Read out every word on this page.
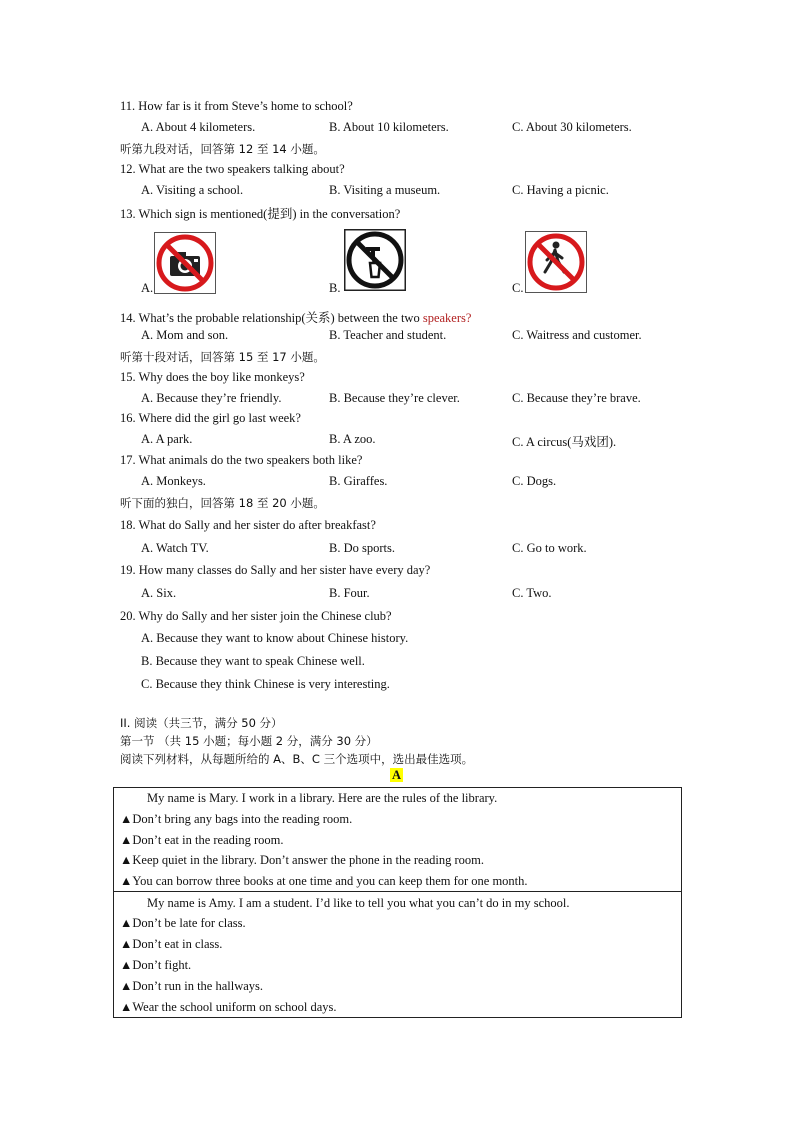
11. How far is it from Steve’s home to school?
A. About 4 kilometers.	B. About 10 kilometers.	C. About 30 kilometers.
听第九段对话，回答第 12 至 14 小题。
12. What are the two speakers talking about?
A. Visiting a school.	B. Visiting a museum.	C. Having a picnic.
13. Which sign is mentioned(提到) in the conversation?
A.	B.	C.
14. What’s the probable relationship(关系) between the two speakers?
A. Mom and son.	B. Teacher and student.	C. Waitress and customer.
听第十段对话，回答第 15 至 17 小题。
15. Why does the boy like monkeys?
A. Because they’re friendly.	B. Because they’re clever.	C. Because they’re brave.
16. Where did the girl go last week?
A. A park.	B. A zoo.	C. A circus(马戏团).
17. What animals do the two speakers both like?
A. Monkeys.	B. Giraffes.	C. Dogs.
听下面的独白，回答第 18 至 20 小题。
18. What do Sally and her sister do after breakfast?
A. Watch TV.	B. Do sports.	C. Go to work.
19. How many classes do Sally and her sister have every day?
A. Six.	B. Four.	C. Two.
20. Why do Sally and her sister join the Chinese club?
A. Because they want to know about Chinese history.
B. Because they want to speak Chinese well.
C. Because they think Chinese is very interesting.
II. 阅读（共三节，满分 50 分）
第一节 （共 15 小题；每小题 2 分，满分 30 分）
阅读下列材料，从每题所给的 A、B、C 三个选项中，选出最佳选项。
A
My name is Mary. I work in a library. Here are the rules of the library.
▲Don’t bring any bags into the reading room.
▲Don’t eat in the reading room.
▲Keep quiet in the library. Don’t answer the phone in the reading room.
▲You can borrow three books at one time and you can keep them for one month.
My name is Amy. I am a student. I’d like to tell you what you can’t do in my school.
▲Don’t be late for class.
▲Don’t eat in class.
▲Don’t fight.
▲Don’t run in the hallways.
▲Wear the school uniform on school days.
